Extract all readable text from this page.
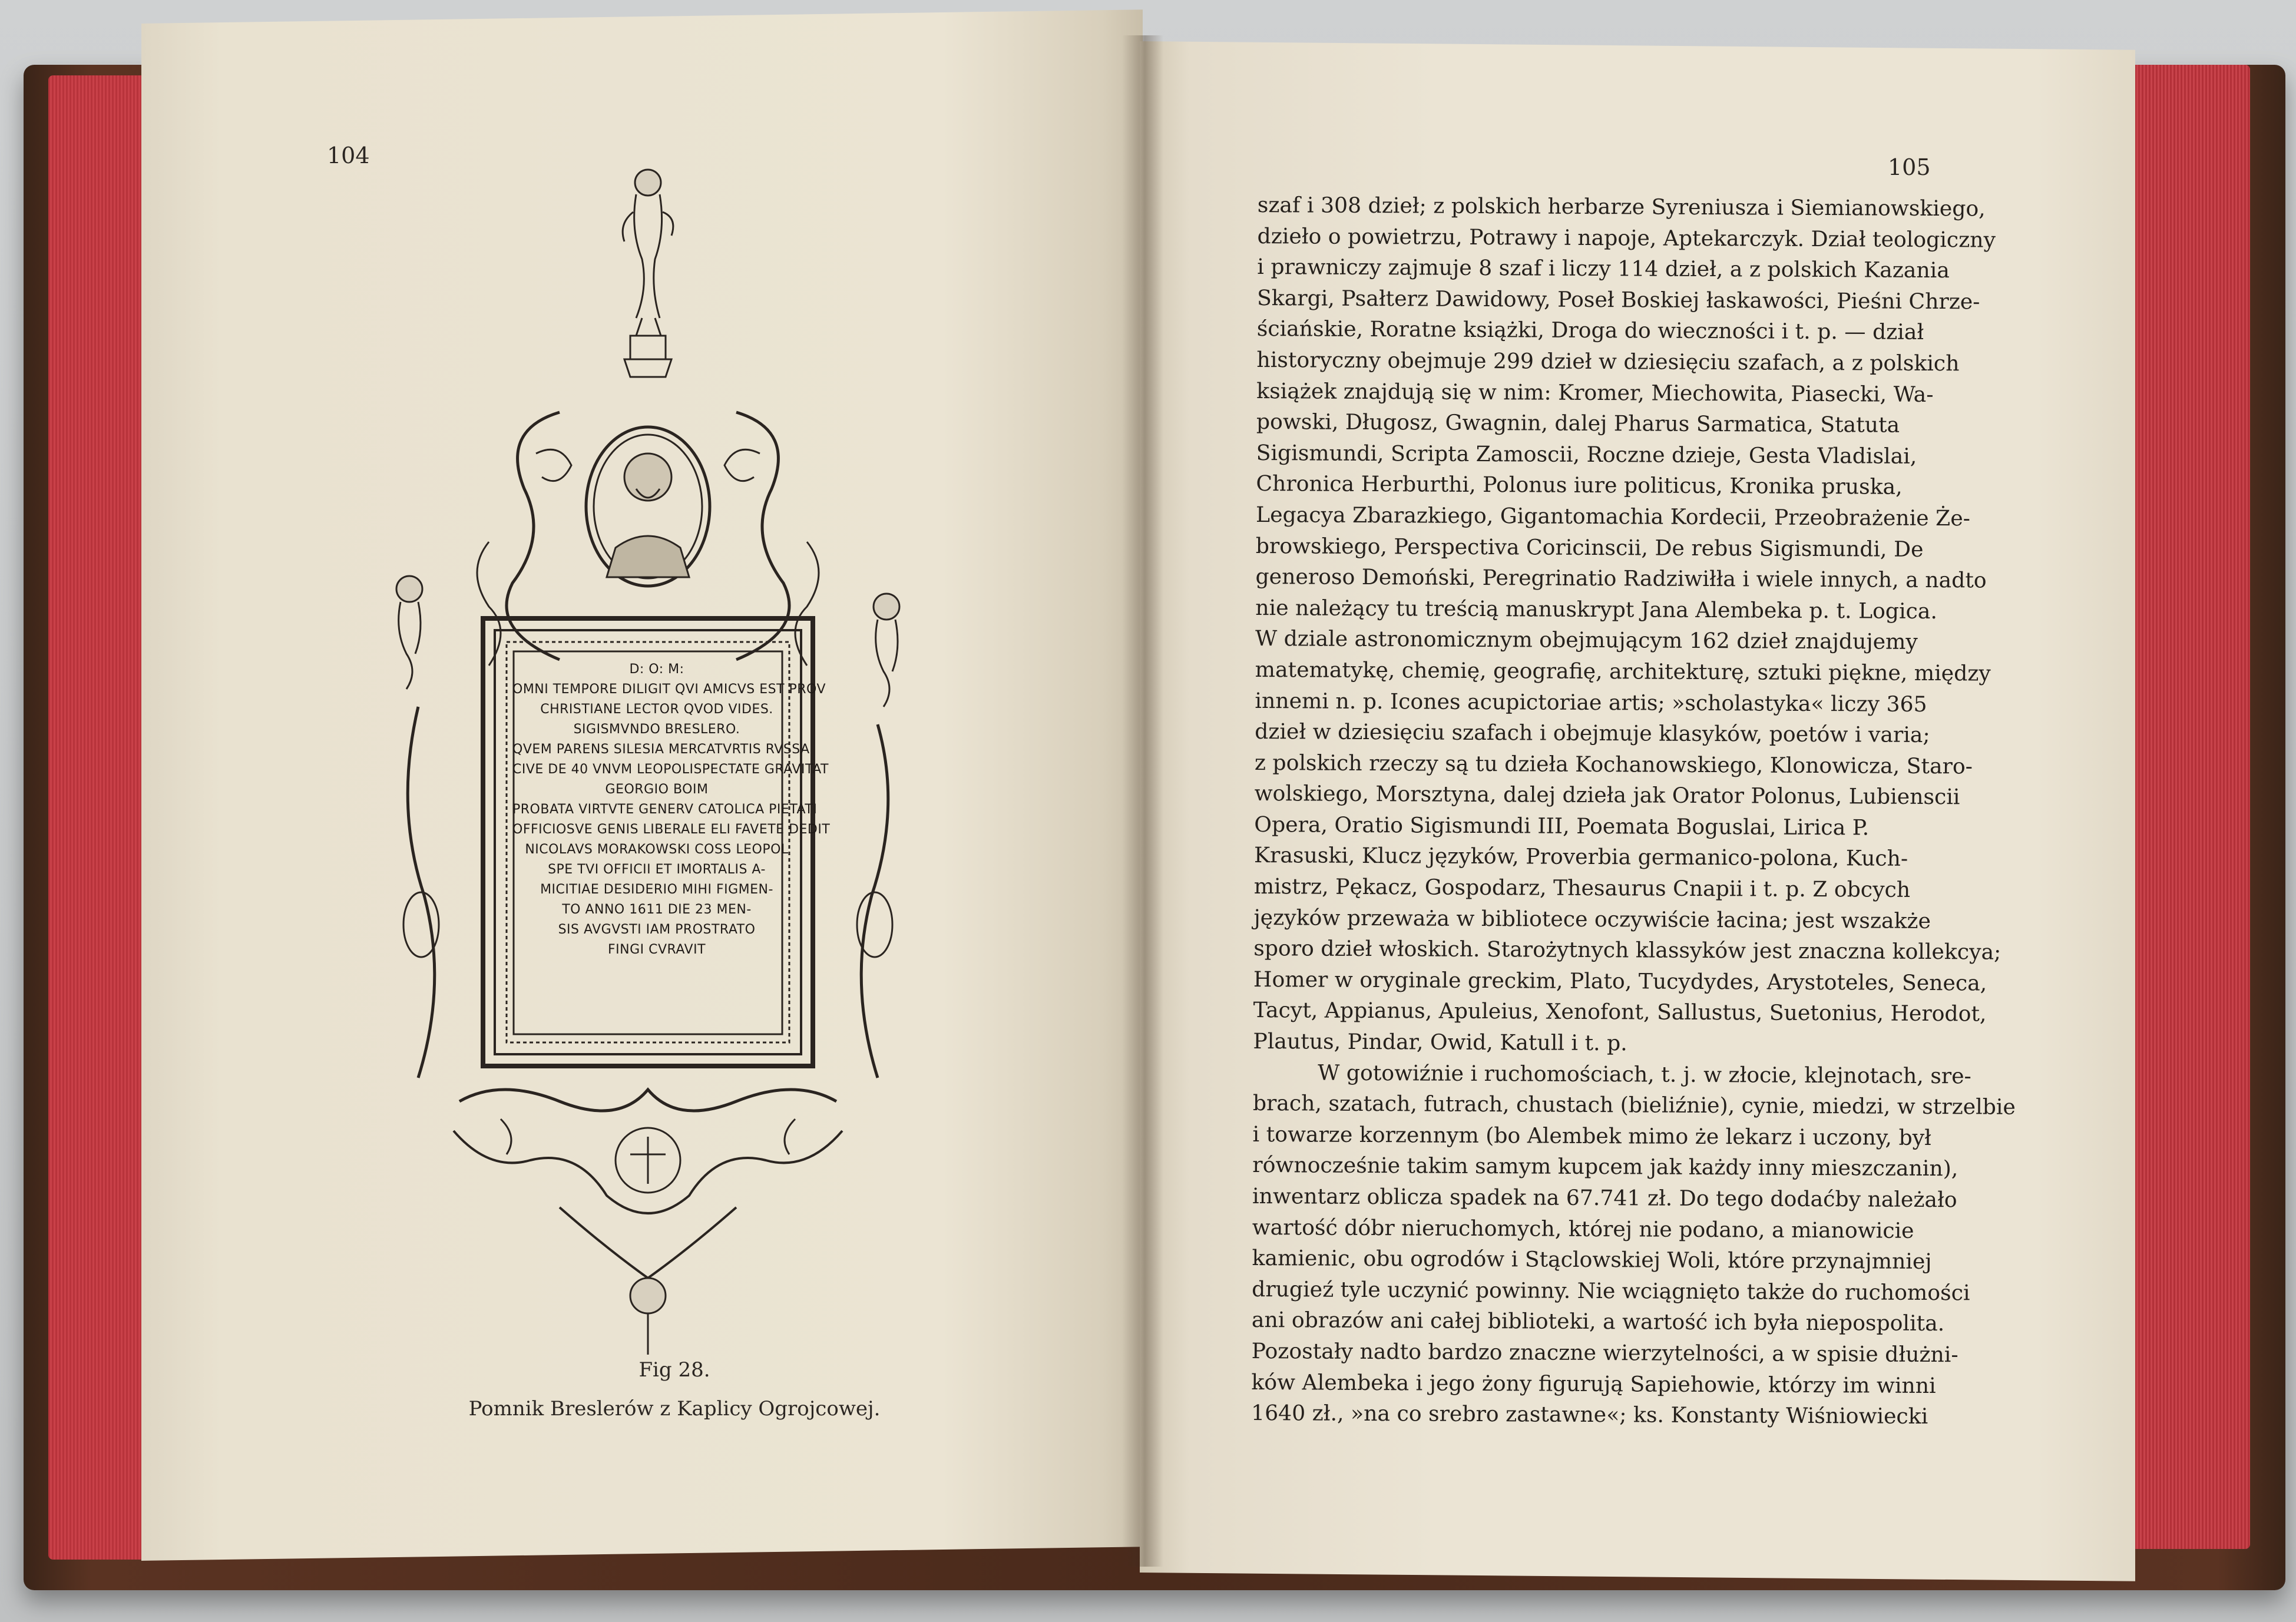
104	105
D: O: M:
OMNI TEMPORE DILIGIT QVI AMICVS EST PROV
CHRISTIANE LECTOR QVOD VIDES.
SIGISMVNDO BRESLERO.
QVEM PARENS SILESIA MERCATVRTIS RVSSA
CIVE DE 40 VNVM LEOPOLISPECTATE GRAVITAT
GEORGIO BOIM
PROBATA VIRTVTE GENERV CATOLICA PIETATI
OFFICIOSVE GENIS LIBERALE ELI FAVETE DEDIT
NICOLAVS MORAKOWSKI COSS LEOPOL
SPE TVI OFFICII ET IMORTALIS A-
MICITIAE DESIDERIO MIHI FIGMEN-
TO ANNO 1611 DIE 23 MEN-
SIS AVGVSTI IAM PROSTRATO
FINGI CVRAVIT
Fig 28.
Pomnik Breslerów z Kaplicy Ogrojcowej.
szaf i 308 dzieł; z polskich herbarze Syreniusza i Siemianowskiego,
dzieło o powietrzu, Potrawy i napoje, Aptekarczyk. Dział teologiczny
i prawniczy zajmuje 8 szaf i liczy 114 dzieł, a z polskich Kazania
Skargi, Psałterz Dawidowy, Poseł Boskiej łaskawości, Pieśni Chrze-
ściańskie, Roratne książki, Droga do wieczności i t. p. — dział
historyczny obejmuje 299 dzieł w dziesięciu szafach, a z polskich
książek znajdują się w nim: Kromer, Miechowita, Piasecki, Wa-
powski, Długosz, Gwagnin, dalej Pharus Sarmatica, Statuta
Sigismundi, Scripta Zamoscii, Roczne dzieje, Gesta Vladislai,
Chronica Herburthi, Polonus iure politicus, Kronika pruska,
Legacya Zbarazkiego, Gigantomachia Kordecii, Przeobrażenie Że-
browskiego, Perspectiva Coricinscii, De rebus Sigismundi, De
generoso Demoński, Peregrinatio Radziwiłła i wiele innych, a nadto
nie należący tu treścią manuskrypt Jana Alembeka p. t. Logica.
W dziale astronomicznym obejmującym 162 dzieł znajdujemy
matematykę, chemię, geografię, architekturę, sztuki piękne, między
innemi n. p. Icones acupictoriae artis; »scholastyka« liczy 365
dzieł w dziesięciu szafach i obejmuje klasyków, poetów i varia;
z polskich rzeczy są tu dzieła Kochanowskiego, Klonowicza, Staro-
wolskiego, Morsztyna, dalej dzieła jak Orator Polonus, Lubienscii
Opera, Oratio Sigismundi III, Poemata Boguslai, Lirica P.
Krasuski, Klucz języków, Proverbia germanico-polona, Kuch-
mistrz, Pękacz, Gospodarz, Thesaurus Cnapii i t. p. Z obcych
języków przeważa w bibliotece oczywiście łacina; jest wszakże
sporo dzieł włoskich. Starożytnych klassyków jest znaczna kollekcya;
Homer w oryginale greckim, Plato, Tucydydes, Arystoteles, Seneca,
Tacyt, Appianus, Apuleius, Xenofont, Sallustus, Suetonius, Herodot,
Plautus, Pindar, Owid, Katull i t. p.
W gotowiźnie i ruchomościach, t. j. w złocie, klejnotach, sre-
brach, szatach, futrach, chustach (bieliźnie), cynie, miedzi, w strzelbie
i towarze korzennym (bo Alembek mimo że lekarz i uczony, był
równocześnie takim samym kupcem jak każdy inny mieszczanin),
inwentarz oblicza spadek na 67.741 zł. Do tego dodaćby należało
wartość dóbr nieruchomych, której nie podano, a mianowicie
kamienic, obu ogrodów i Stąclowskiej Woli, które przynajmniej
drugieź tyle uczynić powinny. Nie wciągnięto także do ruchomości
ani obrazów ani całej biblioteki, a wartość ich była niepospolita.
Pozostały nadto bardzo znaczne wierzytelności, a w spisie dłużni-
ków Alembeka i jego żony figurują Sapiehowie, którzy im winni
1640 zł., »na co srebro zastawne«; ks. Konstanty Wiśniowiecki
